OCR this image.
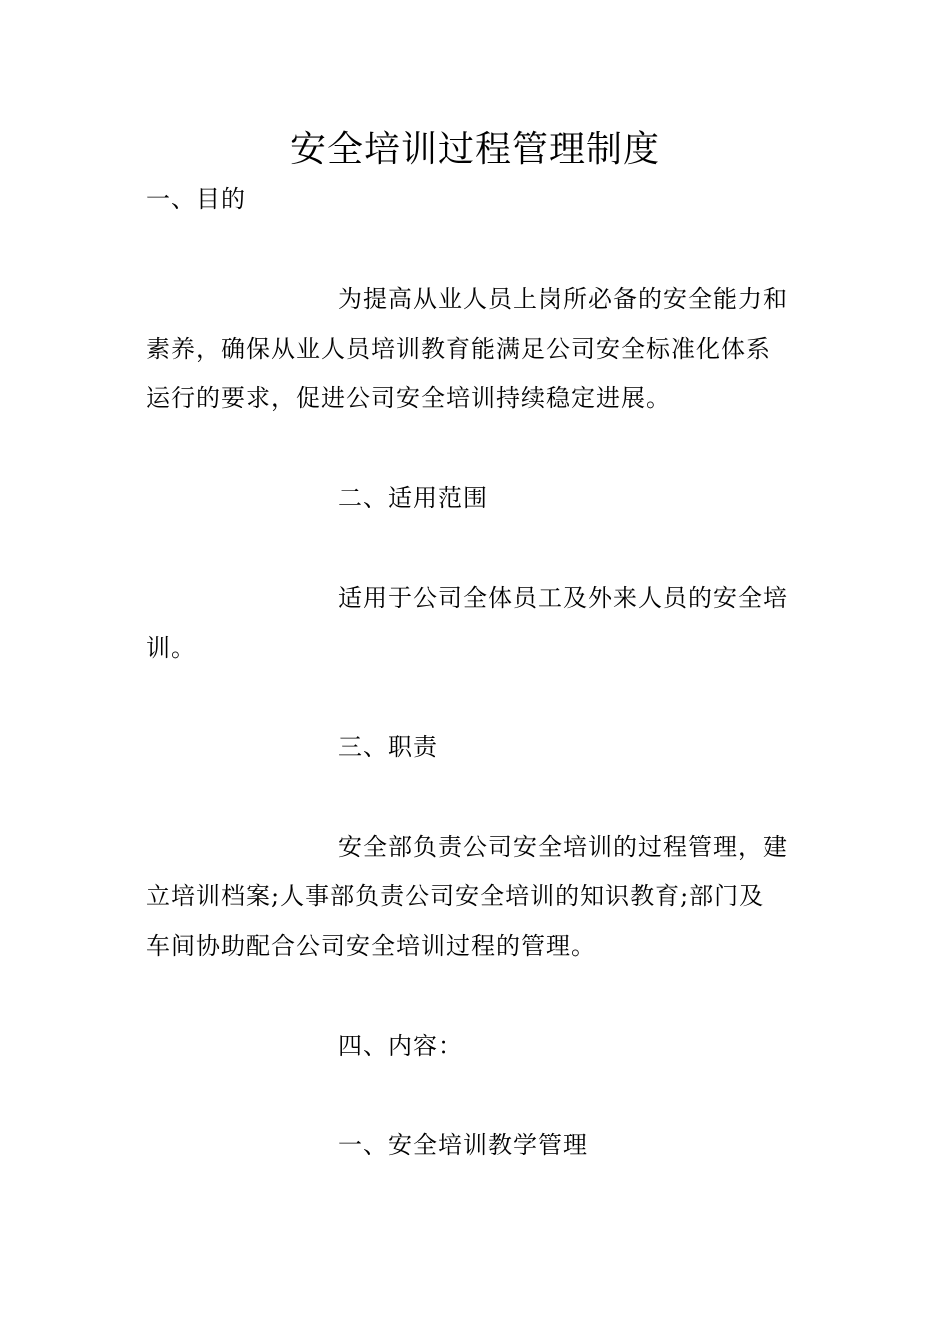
安全培训过程管理制度
一、目的
为提高从业人员上岗所必备的安全能力和
素养，确保从业人员培训教育能满足公司安全标准化体系
运行的要求，促进公司安全培训持续稳定进展。
二、适用范围
适用于公司全体员工及外来人员的安全培
训。
三、职责
安全部负责公司安全培训的过程管理，建
立培训档案;人事部负责公司安全培训的知识教育;部门及
车间协助配合公司安全培训过程的管理。
四、内容：
一、安全培训教学管理
